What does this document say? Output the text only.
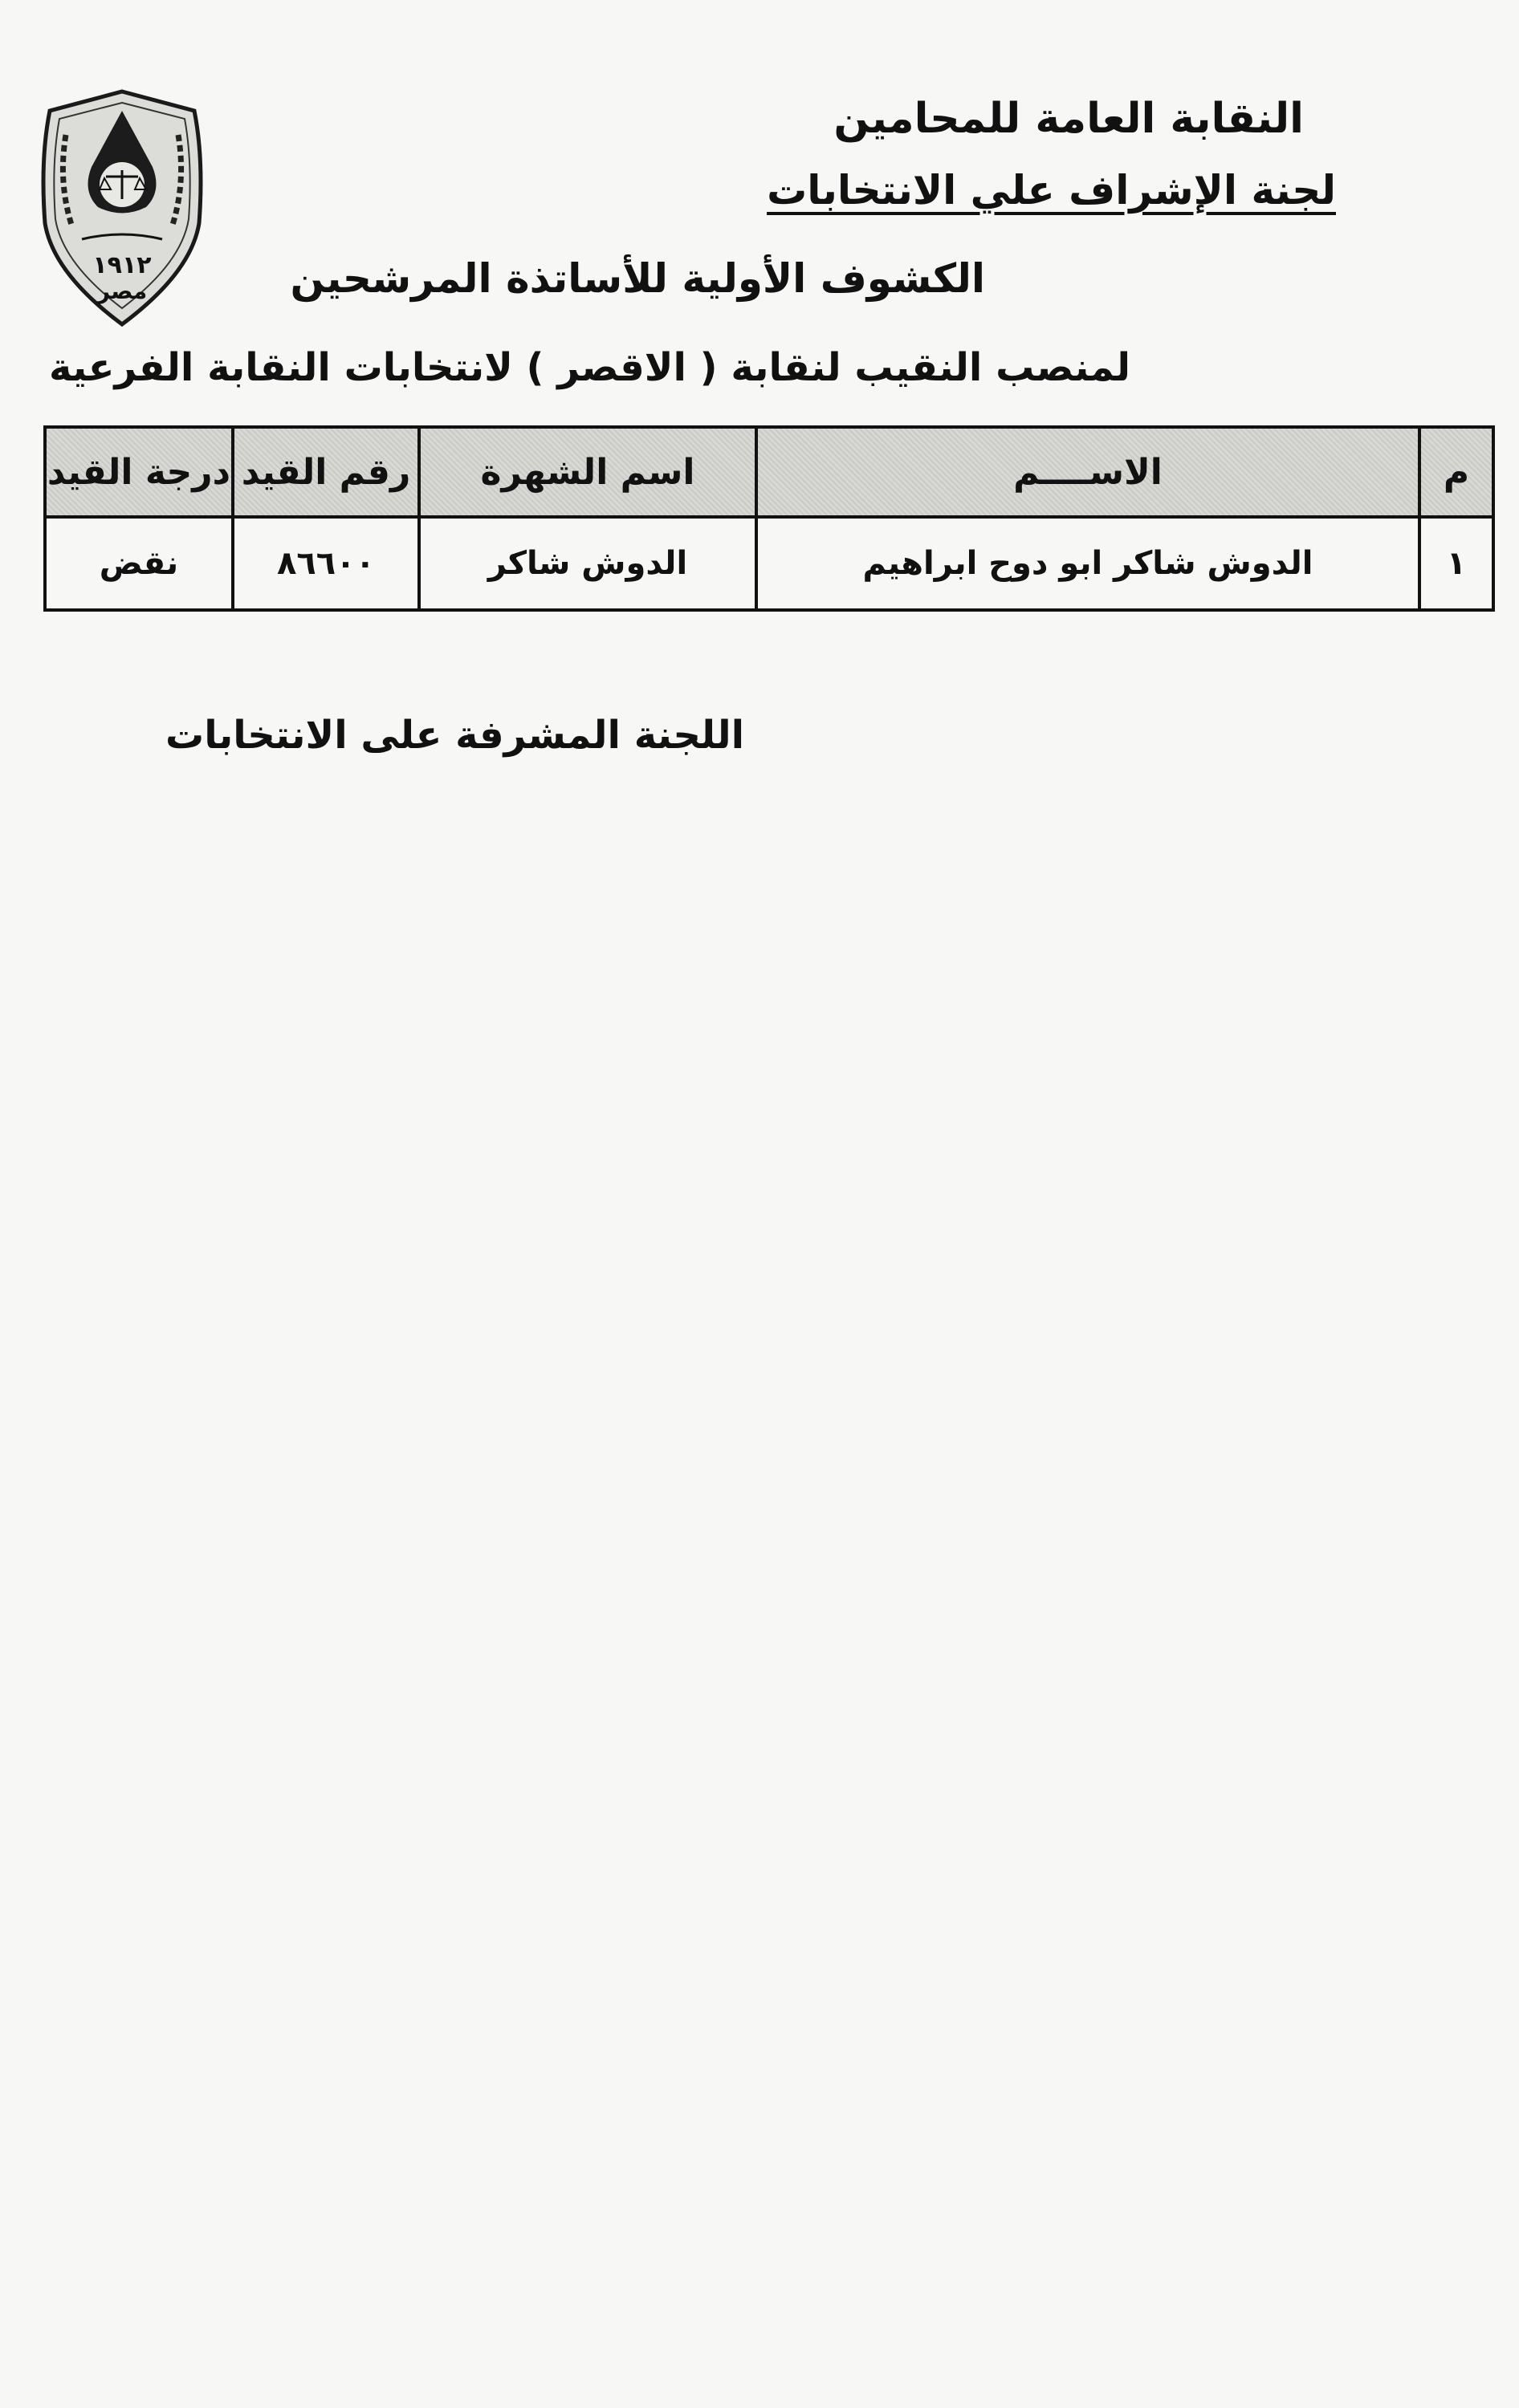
١٩١٢
مصر
النقابة العامة للمحامين
لجنة الإشراف علي الانتخابات
الكشوف الأولية للأساتذة المرشحين
لمنصب النقيب لنقابة ( الاقصر ) لانتخابات النقابة الفرعية
م	الاســــم	اسم الشهرة	رقم القيد	درجة القيد
١	الدوش شاكر ابو دوح ابراهيم	الدوش شاكر	٨٦٦٠٠	نقض
اللجنة المشرفة على الانتخابات
